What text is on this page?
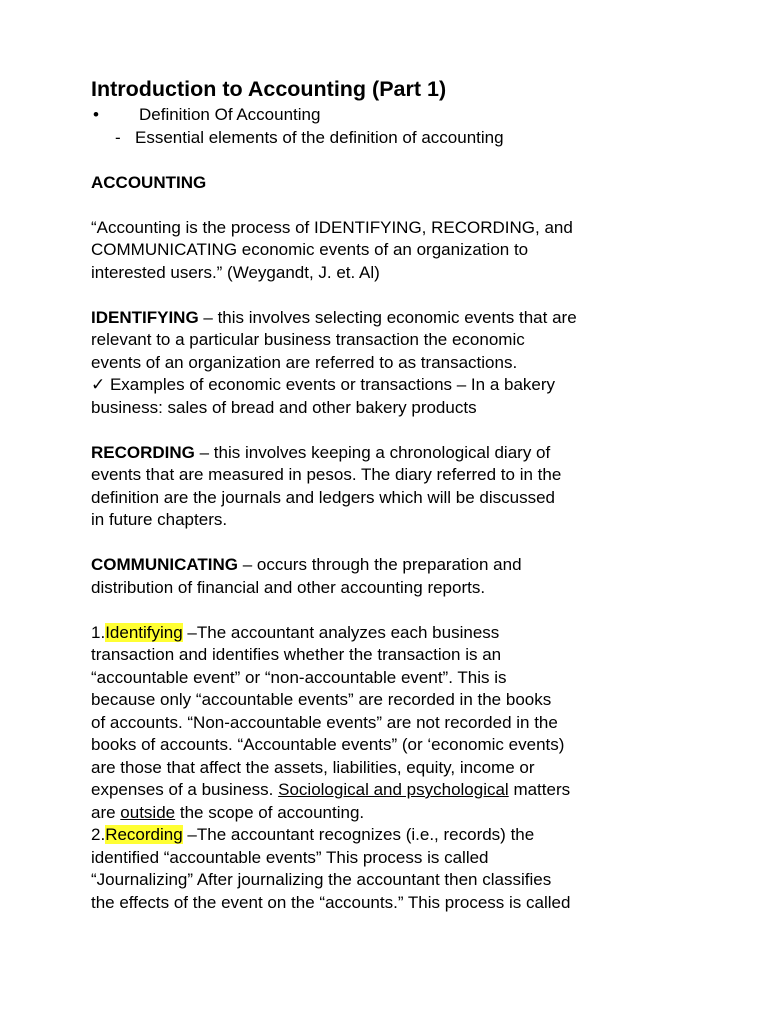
Introduction to Accounting (Part 1)
•	Definition Of Accounting
- Essential elements of the definition of accounting
ACCOUNTING
“Accounting is the process of IDENTIFYING, RECORDING, and
COMMUNICATING economic events of an organization to
interested users.” (Weygandt, J. et. Al)
IDENTIFYING – this involves selecting economic events that are
relevant to a particular business transaction the economic
events of an organization are referred to as transactions.
✓ Examples of economic events or transactions – In a bakery
business: sales of bread and other bakery products
RECORDING – this involves keeping a chronological diary of
events that are measured in pesos. The diary referred to in the
definition are the journals and ledgers which will be discussed
in future chapters.
COMMUNICATING – occurs through the preparation and
distribution of financial and other accounting reports.
1.Identifying –The accountant analyzes each business
transaction and identifies whether the transaction is an
“accountable event” or “non-accountable event”. This is
because only “accountable events” are recorded in the books
of accounts. “Non-accountable events” are not recorded in the
books of accounts. “Accountable events” (or ‘economic events)
are those that affect the assets, liabilities, equity, income or
expenses of a business. Sociological and psychological matters
are outside the scope of accounting.
2.Recording –The accountant recognizes (i.e., records) the
identified “accountable events” This process is called
“Journalizing” After journalizing the accountant then classifies
the effects of the event on the “accounts.” This process is called
